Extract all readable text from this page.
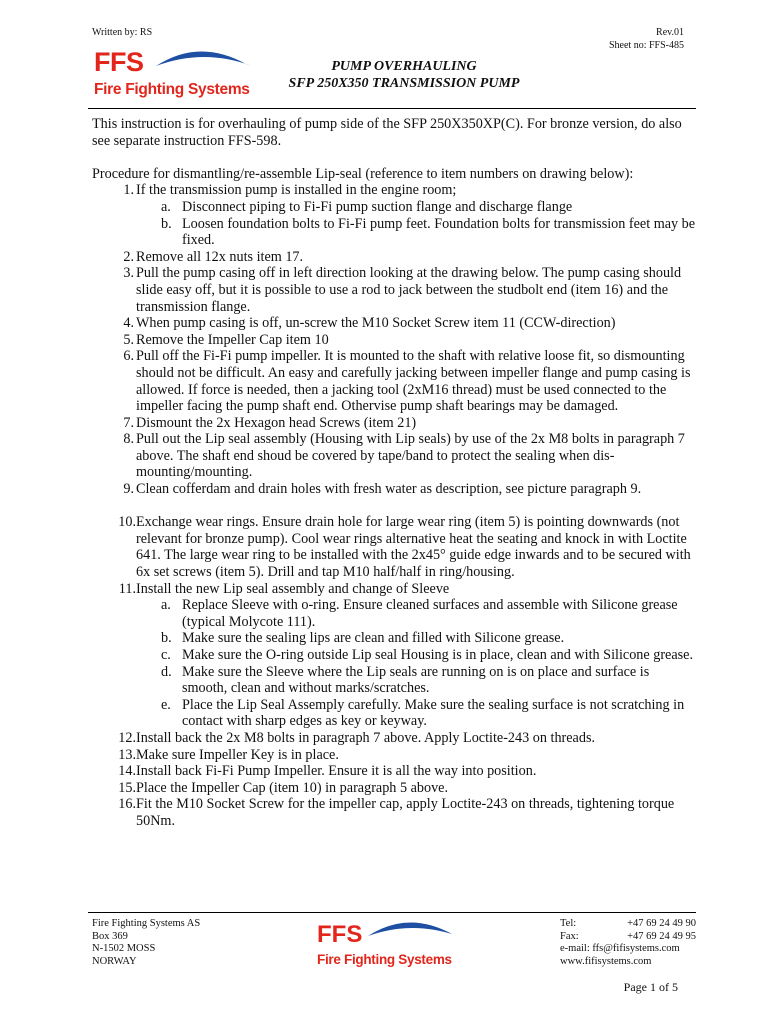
Written by: RS	Rev.01
Sheet no: FFS-485
FFS
Fire Fighting Systems
PUMP OVERHAULING
SFP 250X350 TRANSMISSION PUMP

This instruction is for overhauling of pump side of the SFP 250X350XP(C). For bronze version, do also see separate instruction FFS-598.

Procedure for dismantling/re-assemble Lip-seal (reference to item numbers on drawing below):

1. If the transmission pump is installed in the engine room;
a. Disconnect piping to Fi-Fi pump suction flange and discharge flange
b. Loosen foundation bolts to Fi-Fi pump feet. Foundation bolts for transmission feet may be fixed.
2. Remove all 12x nuts item 17.
3. Pull the pump casing off in left direction looking at the drawing below. The pump casing should slide easy off, but it is possible to use a rod to jack between the studbolt end (item 16) and the transmission flange.
4. When pump casing is off, un-screw the M10 Socket Screw item 11 (CCW-direction)
5. Remove the Impeller Cap item 10
6. Pull off the Fi-Fi pump impeller. It is mounted to the shaft with relative loose fit, so dismounting should not be difficult. An easy and carefully jacking between impeller flange and pump casing is allowed. If force is needed, then a jacking tool (2xM16 thread) must be used connected to the impeller facing the pump shaft end. Othervise pump shaft bearings may be damaged.
7. Dismount the 2x Hexagon head Screws (item 21)
8. Pull out the Lip seal assembly (Housing with Lip seals) by use of the 2x M8 bolts in paragraph 7 above. The shaft end shoud be covered by tape/band to protect the sealing when dis-mounting/mounting.
9. Clean cofferdam and drain holes with fresh water as description, see picture paragraph 9.
10. Exchange wear rings. Ensure drain hole for large wear ring (item 5) is pointing downwards (not relevant for bronze pump). Cool wear rings alternative heat the seating and knock in with Loctite 641. The large wear ring to be installed with the 2x45° guide edge inwards and to be secured with 6x set screws (item 5). Drill and tap M10 half/half in ring/housing.
11. Install the new Lip seal assembly and change of Sleeve
a. Replace Sleeve with o-ring. Ensure cleaned surfaces and assemble with Silicone grease (typical Molycote 111).
b. Make sure the sealing lips are clean and filled with Silicone grease.
c. Make sure the O-ring outside Lip seal Housing is in place, clean and with Silicone grease.
d. Make sure the Sleeve where the Lip seals are running on is on place and surface is smooth, clean and without marks/scratches.
e. Place the Lip Seal Assemply carefully. Make sure the sealing surface is not scratching in contact with sharp edges as key or keyway.
12. Install back the 2x M8 bolts in paragraph 7 above. Apply Loctite-243 on threads.
13. Make sure Impeller Key is in place.
14. Install back Fi-Fi Pump Impeller. Ensure it is all the way into position.
15. Place the Impeller Cap (item 10) in paragraph 5 above.
16. Fit the M10 Socket Screw for the impeller cap, apply Loctite-243 on threads, tightening torque 50Nm.
Fire Fighting Systems AS
Box 369
N-1502 MOSS
NORWAY
FFS
Fire Fighting Systems
Tel:	+47 69 24 49 90
Fax:	+47 69 24 49 95
e-mail: ffs@fifisystems.com
www.fifisystems.com
Page 1 of 5
